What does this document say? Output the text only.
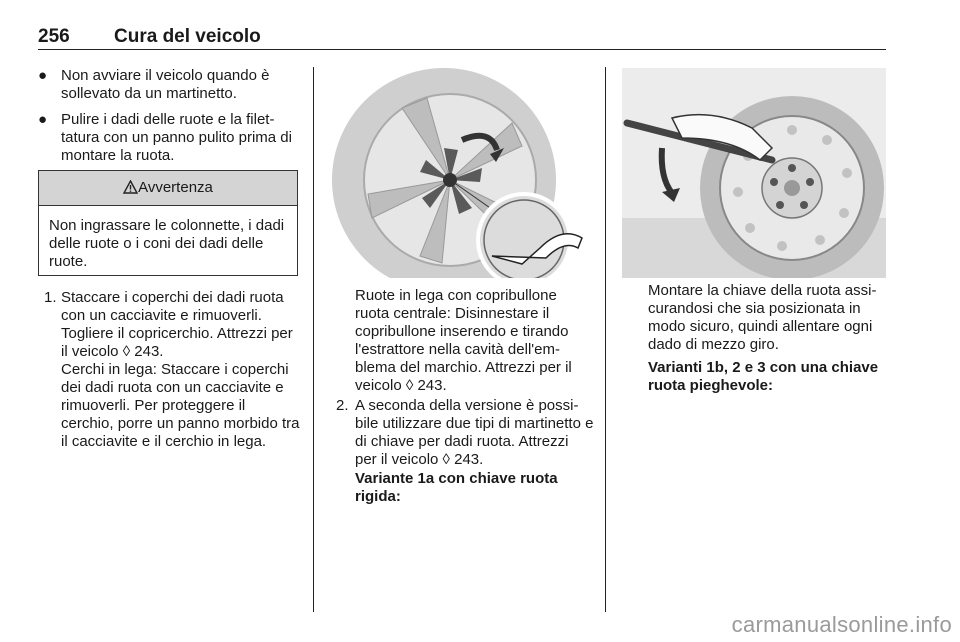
256 Cura del veicolo
● Non avviare il veicolo quando è sollevato da un martinetto.
● Pulire i dadi delle ruote e la filet-tatura con un panno pulito prima di montare la ruota.
Avvertenza
Non ingrassare le colonnette, i dadi delle ruote o i coni dei dadi delle ruote.
1. Staccare i coperchi dei dadi ruota con un cacciavite e rimuoverli. Togliere il copricerchio. Attrezzi per il veicolo ◊ 243.
Cerchi in lega: Staccare i coperchi dei dadi ruota con un cacciavite e rimuoverli. Per proteggere il cerchio, porre un panno morbido tra il cacciavite e il cerchio in lega.
Ruote in lega con copribullone ruota centrale: Disinnestare il copribullone inserendo e tirando l'estrattore nella cavità dell'em-blema del marchio. Attrezzi per il veicolo ◊ 243.
2. A seconda della versione è possi-bile utilizzare due tipi di martinetto e di chiave per dadi ruota. Attrezzi per il veicolo ◊ 243.
Variante 1a con chiave ruota rigida:
Montare la chiave della ruota assi-curandosi che sia posizionata in modo sicuro, quindi allentare ogni dado di mezzo giro.
Varianti 1b, 2 e 3 con una chiave ruota pieghevole:
carmanualsonline.info
